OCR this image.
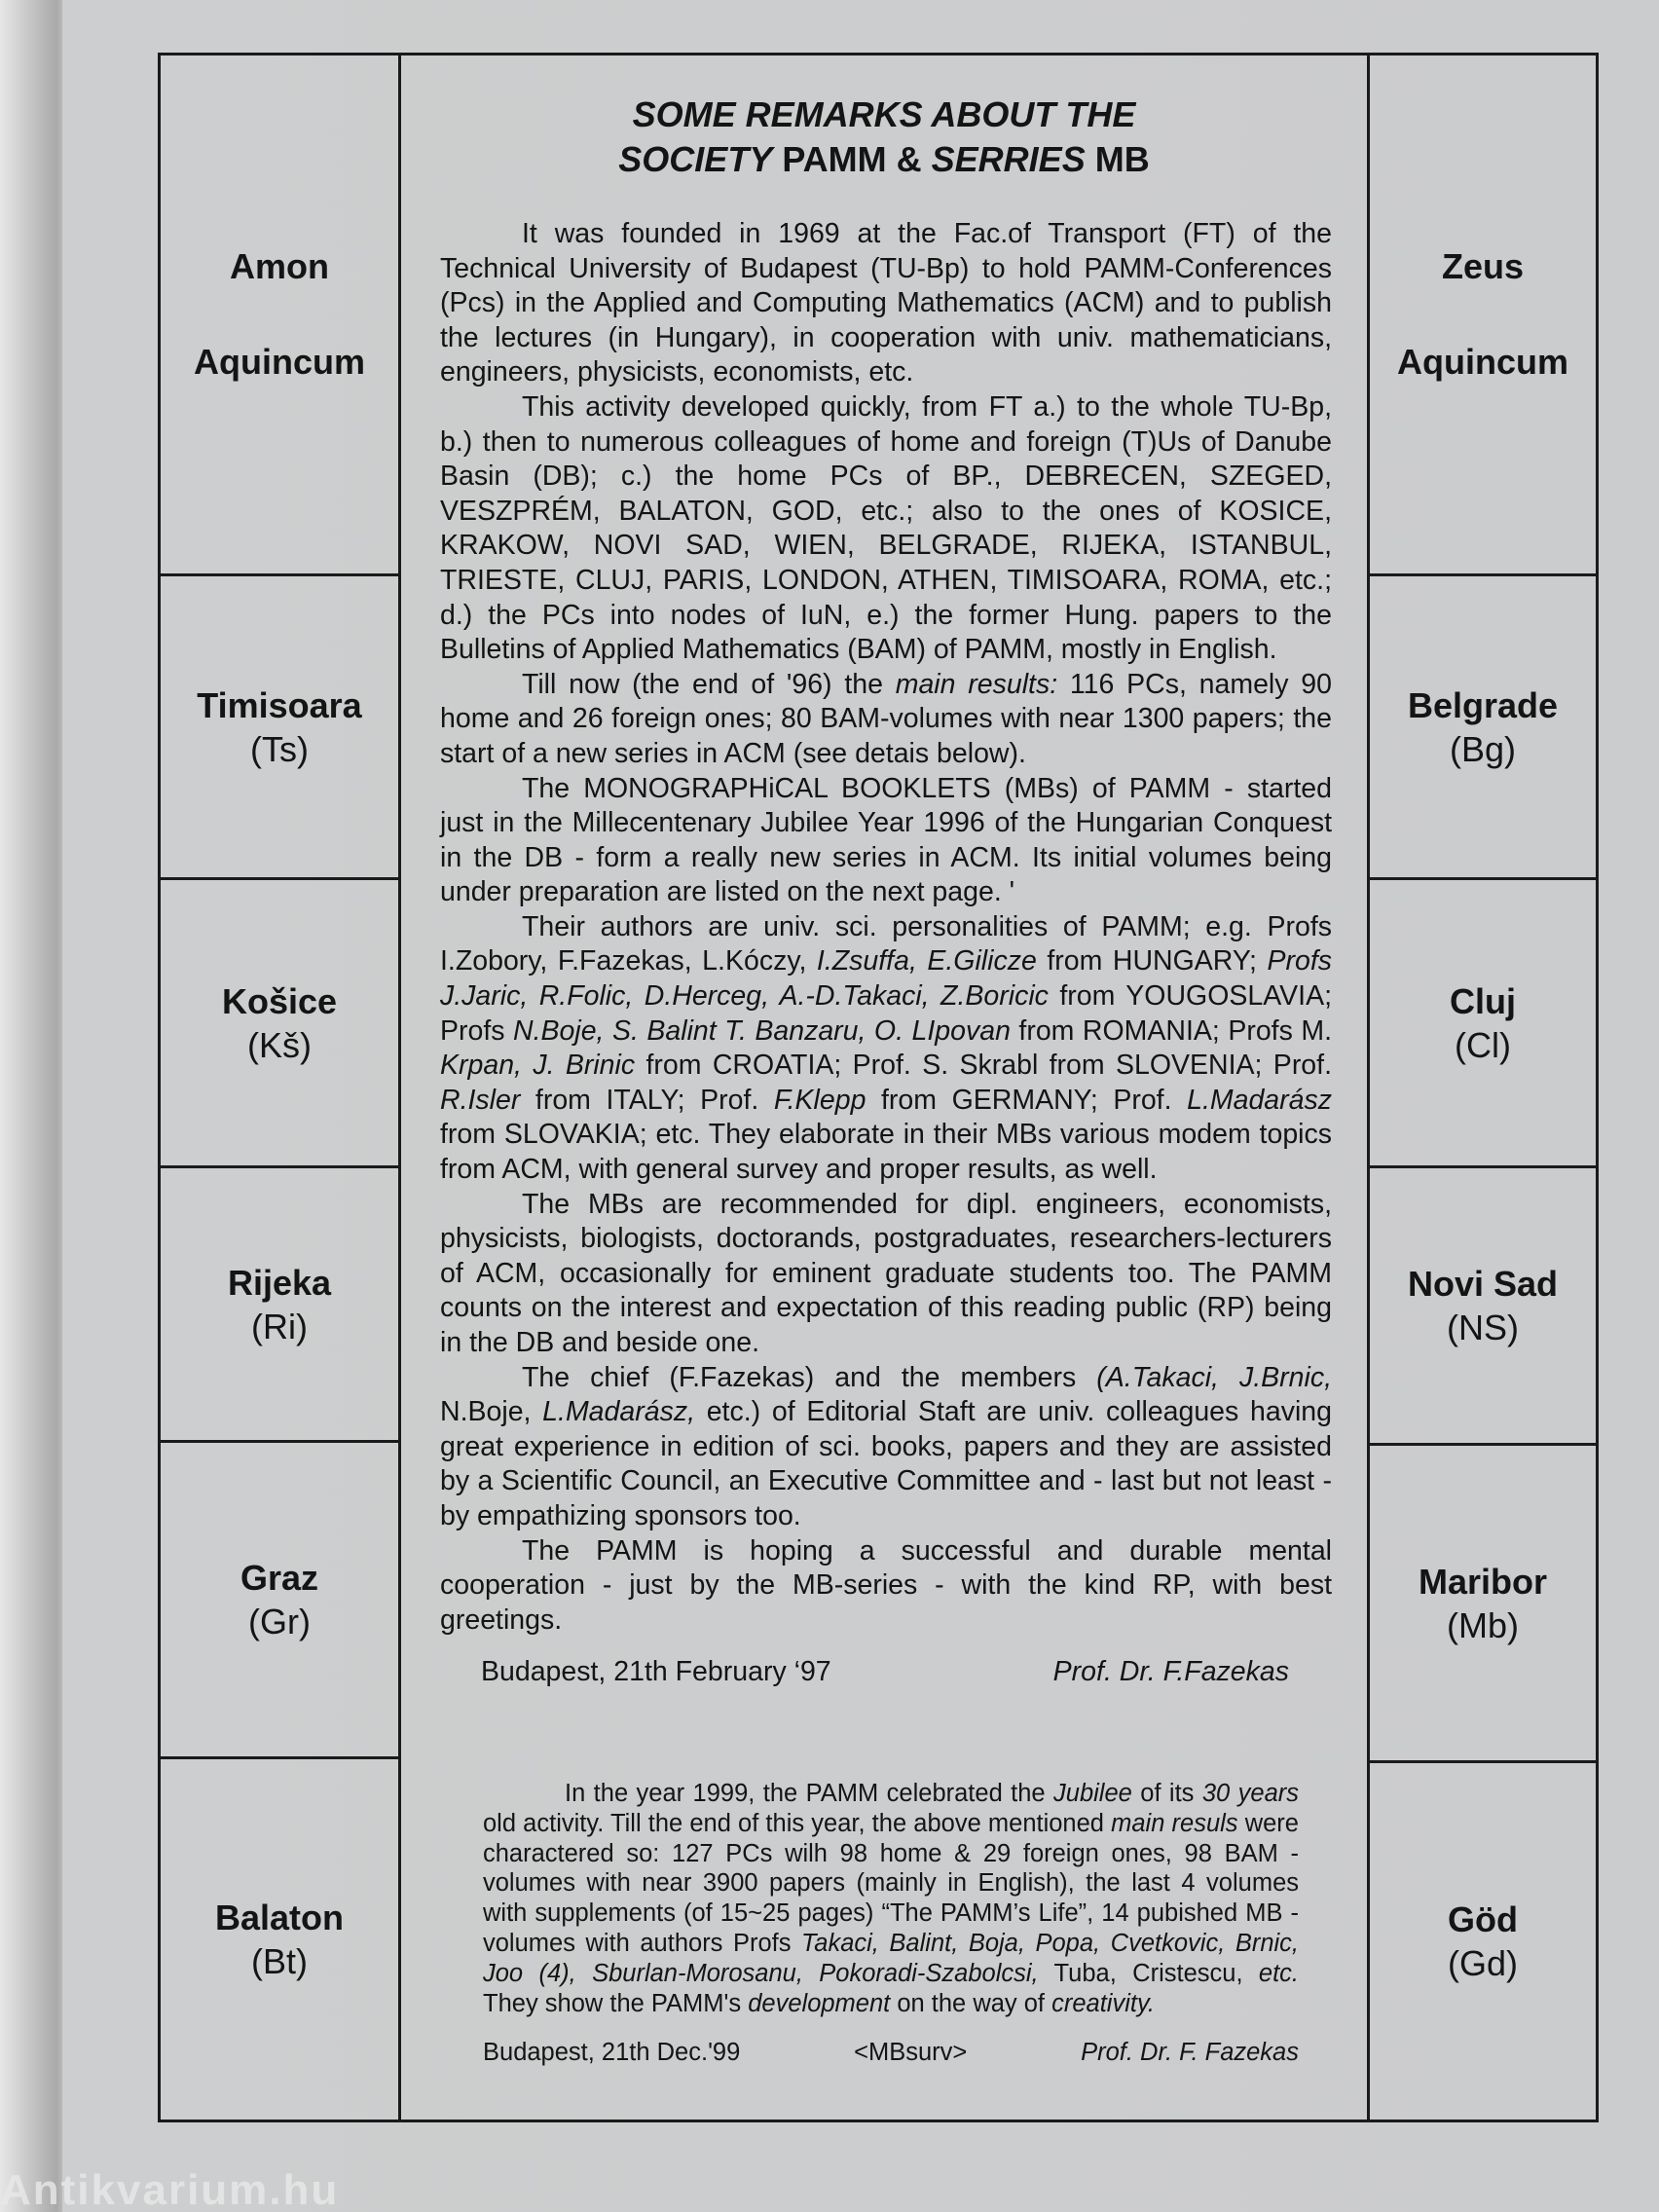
Amon
Aquincum
Timisoara
(Ts)
Košice
(Kš)
Rijeka
(Ri)
Graz
(Gr)
Balaton
(Bt)
SOME REMARKS ABOUT THE
SOCIETY PAMM & SERRIES MB

It was founded in 1969 at the Fac.of Transport (FT) of the Technical University of Budapest (TU-Bp) to hold PAMM-Conferences (Pcs) in the Applied and Computing Mathematics (ACM) and to publish the lectures (in Hungary), in cooperation with univ. mathematicians, engineers, physicists, economists, etc.

This activity developed quickly, from FT a.) to the whole TU-Bp, b.) then to numerous colleagues of home and foreign (T)Us of Danube Basin (DB); c.) the home PCs of BP., DEBRECEN, SZEGED, VESZPRÉM, BALATON, GOD, etc.; also to the ones of KOSICE, KRAKOW, NOVI SAD, WIEN, BELGRADE, RIJEKA, ISTANBUL, TRIESTE, CLUJ, PARIS, LONDON, ATHEN, TIMISOARA, ROMA, etc.; d.) the PCs into nodes of IuN, e.) the former Hung. papers to the Bulletins of Applied Mathematics (BAM) of PAMM, mostly in English.

Till now (the end of '96) the main results: 116 PCs, namely 90 home and 26 foreign ones; 80 BAM-volumes with near 1300 papers; the start of a new series in ACM (see detais below).

The MONOGRAPHiCAL BOOKLETS (MBs) of PAMM - started just in the Millecentenary Jubilee Year 1996 of the Hungarian Conquest in the DB - form a really new series in ACM. Its initial volumes being under preparation are listed on the next page. '

Their authors are univ. sci. personalities of PAMM; e.g. Profs I.Zobory, F.Fazekas, L.Kóczy, I.Zsuffa, E.Gilicze from HUNGARY; Profs J.Jaric, R.Folic, D.Herceg, A.-D.Takaci, Z.Boricic from YOUGOSLAVIA; Profs N.Boje, S. Balint T. Banzaru, O. LIpovan from ROMANIA; Profs M. Krpan, J. Brinic from CROATIA; Prof. S. Skrabl from SLOVENIA; Prof. R.Isler from ITALY; Prof. F.Klepp from GERMANY; Prof. L.Madarász from SLOVAKIA; etc. They elaborate in their MBs various modem topics from ACM, with general survey and proper results, as well.

The MBs are recommended for dipl. engineers, economists, physicists, biologists, doctorands, postgraduates, researchers-lecturers of ACM, occasionally for eminent graduate students too. The PAMM counts on the interest and expectation of this reading public (RP) being in the DB and beside one.

The chief (F.Fazekas) and the members (A.Takaci, J.Brnic, N.Boje, L.Madarász, etc.) of Editorial Staft are univ. colleagues having great experience in edition of sci. books, papers and they are assisted by a Scientific Council, an Executive Committee and - last but not least - by empathizing sponsors too.

The PAMM is hoping a successful and durable mental cooperation - just by the MB-series - with the kind RP, with best greetings.

Budapest, 21th February ‘97	Prof. Dr. F.Fazekas

In the year 1999, the PAMM celebrated the Jubilee of its 30 years old activity. Till the end of this year, the above mentioned main resuls were charactered so: 127 PCs wilh 98 home & 29 foreign ones, 98 BAM - volumes with near 3900 papers (mainly in English), the last 4 volumes with supplements (of 15~25 pages) “The PAMM’s Life”, 14 pubished MB - volumes with authors Profs Takaci, Balint, Boja, Popa, Cvetkovic, Brnic, Joo (4), Sburlan-Morosanu, Pokoradi-Szabolcsi, Tuba, Cristescu, etc. They show the PAMM's development on the way of creativity.

Budapest, 21th Dec.'99	<MBsurv>	Prof. Dr. F. Fazekas
Zeus
Aquincum
Belgrade
(Bg)
Cluj
(Cl)
Novi Sad
(NS)
Maribor
(Mb)
Göd
(Gd)
Antikvarium.hu
